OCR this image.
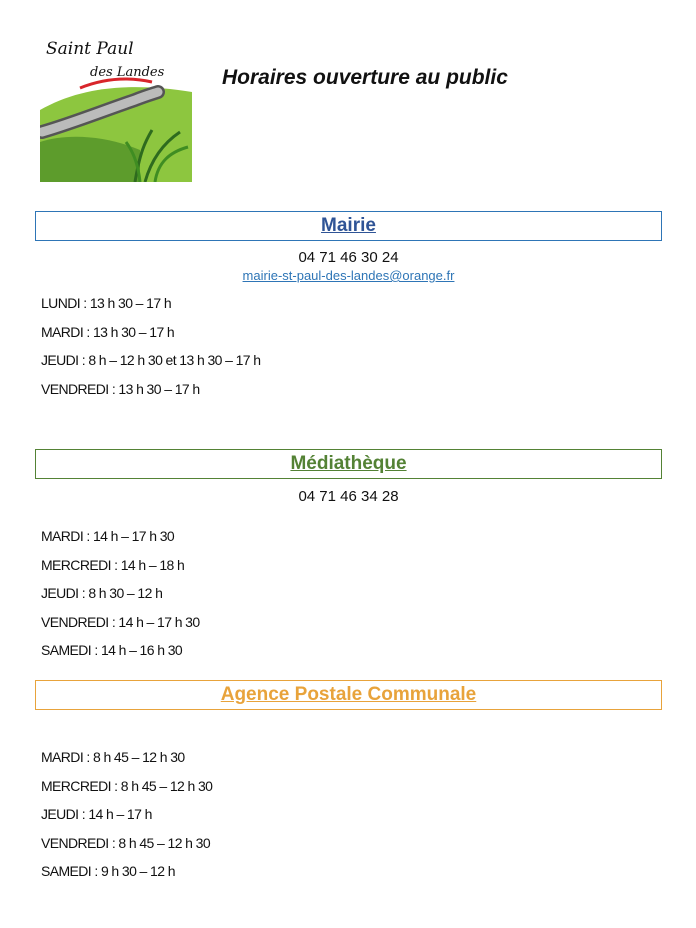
Saint Paul
des Landes	Horaires ouverture au public
Mairie
04 71 46 30 24
mairie-st-paul-des-landes@orange.fr
LUNDI : 13 h 30 – 17 h
MARDI : 13 h 30 – 17 h
JEUDI : 8 h – 12 h 30 et 13 h 30 – 17 h
VENDREDI : 13 h 30 – 17 h
Médiathèque
04 71 46 34 28
MARDI : 14 h – 17 h 30
MERCREDI : 14 h – 18 h
JEUDI : 8 h 30 – 12 h
VENDREDI : 14 h – 17 h 30
SAMEDI : 14 h – 16 h 30
Agence Postale Communale
MARDI : 8 h 45 – 12 h 30
MERCREDI : 8 h 45 – 12 h 30
JEUDI : 14 h – 17 h
VENDREDI : 8 h 45 – 12 h 30
SAMEDI : 9 h 30 – 12 h
